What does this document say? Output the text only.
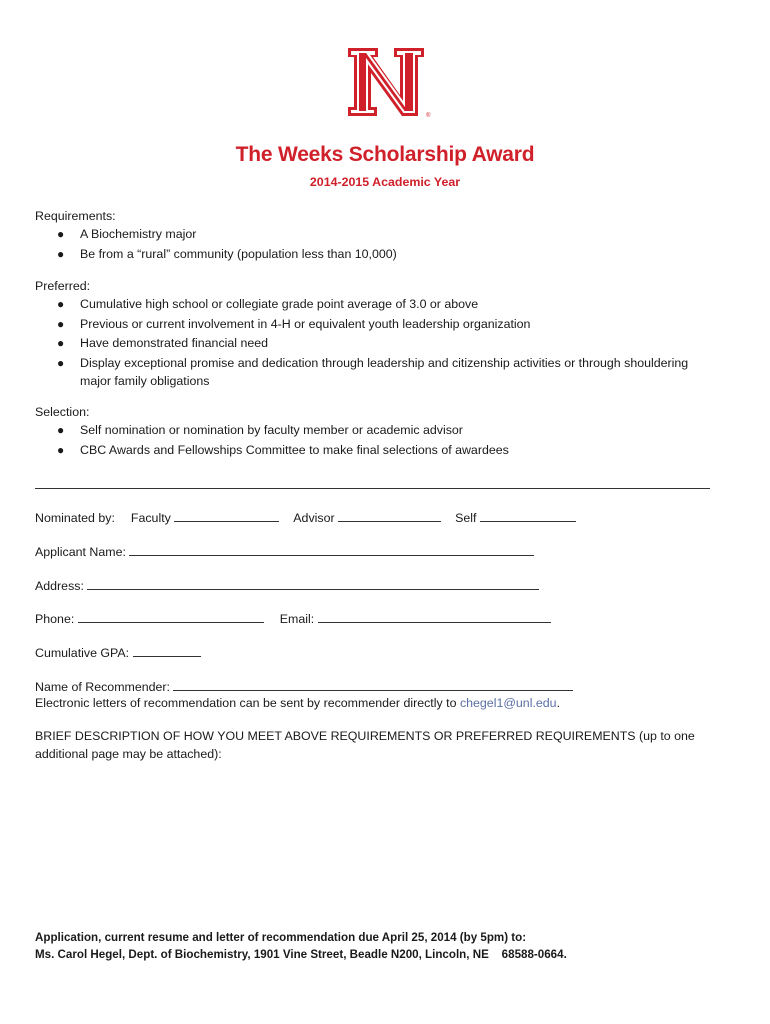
®
The Weeks Scholarship Award
2014-2015 Academic Year
Requirements:
● A Biochemistry major
● Be from a “rural” community (population less than 10,000)
Preferred:
● Cumulative high school or collegiate grade point average of 3.0 or above
● Previous or current involvement in 4-H or equivalent youth leadership organization
● Have demonstrated financial need
● Display exceptional promise and dedication through leadership and citizenship activities or through shouldering major family obligations
Selection:
● Self nomination or nomination by faculty member or academic advisor
● CBC Awards and Fellowships Committee to make final selections of awardees
Nominated by: Faculty	Advisor	Self
Applicant Name:
Address:
Phone:	Email:
Cumulative GPA:
Name of Recommender:
Electronic letters of recommendation can be sent by recommender directly to chegel1@unl.edu.
BRIEF DESCRIPTION OF HOW YOU MEET ABOVE REQUIREMENTS OR PREFERRED REQUIREMENTS (up to one additional page may be attached):
Application, current resume and letter of recommendation due April 25, 2014 (by 5pm) to:
Ms. Carol Hegel, Dept. of Biochemistry, 1901 Vine Street, Beadle N200, Lincoln, NE    68588-0664.
